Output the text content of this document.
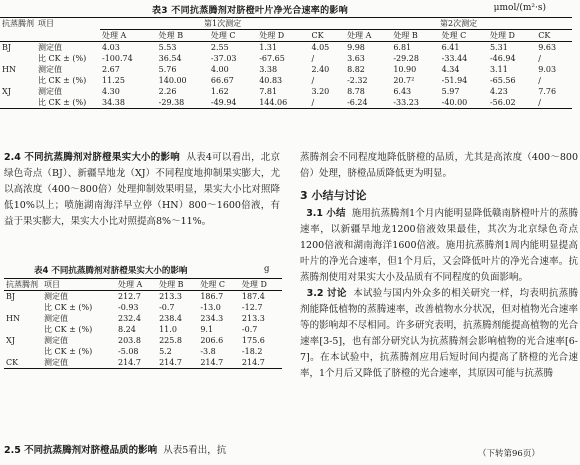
表3 不同抗蒸腾剂对脐橙叶片净光合速率的影响	μmol/(m²·s)
抗蒸腾剂	项目	第1次测定					第2次测定				
		处理 A	处理 B	处理 C	处理 D	CK	处理 A	处理 B	处理 C	处理 D	CK
BJ	测定值	4.03	5.53	2.55	1.31	4.05	9.98	6.81	6.41	5.31	9.63
	比 CK ± (%)	-100.74	36.54	-37.03	-67.65	/	3.63	-29.28	-33.44	-46.94	/
HN	测定值	2.67	5.76	4.00	3.38	2.40	8.82	10.90	4.34	3.11	9.03
	比 CK ± (%)	11.25	140.00	66.67	40.83	/	-2.32	20.7²	-51.94	-65.56	/
XJ	测定值	4.30	2.26	1.62	7.81	3.20	8.78	6.43	5.97	4.23	7.76
	比 CK ± (%)	34.38	-29.38	-49.94	144.06	/	-6.24	-33.23	-40.00	-56.02	/

2.4 不同抗蒸腾剂对脐橙果实大小的影响 从表4可以看出，北京绿色奇点（BJ）、新疆旱地龙（XJ）不同程度地抑制果实膨大，尤以高浓度（400～800倍）处理抑制效果明显，果实大小比对照降低10%以上；喷施湖南海洋早立停（HN）800～1600倍液，有益于果实膨大，果实大小比对照提高8%～11%。

表4 不同抗蒸腾剂对脐橙果实大小的影响	g
抗蒸腾剂	项目	处理 A	处理 B	处理 C	处理 D
BJ	测定值	212.7	213.3	186.7	187.4
	比 CK ± (%)	-0.93	-0.7	-13.0	-12.7
HN	测定值	232.4	238.4	234.3	213.3
	比 CK ± (%)	8.24	11.0	9.1	-0.7
XJ	测定值	203.8	225.8	206.6	175.6
	比 CK ± (%)	-5.08	5.2	-3.8	-18.2
CK	测定值	214.7	214.7	214.7	214.7

2.5 不同抗蒸腾剂对脐橙品质的影响 从表5看出，抗

蒸腾剂会不同程度地降低脐橙的品质，尤其是高浓度（400～800倍）处理，脐橙品质降低更为明显。

3 小结与讨论

3.1 小结 施用抗蒸腾剂1个月内能明显降低赣南脐橙叶片的蒸腾速率，以新疆旱地龙1200倍液效果最佳，其次为北京绿色奇点1200倍液和湖南海洋1600倍液。施用抗蒸腾剂1周内能明显提高叶片的净光合速率，但1个月后，又会降低叶片的净光合速率。抗蒸腾剂使用对果实大小及品质有不同程度的负面影响。

3.2 讨论 本试验与国内外众多的相关研究一样，均表明抗蒸腾剂能降低植物的蒸腾速率，改善植物水分状况，但对植物光合速率等的影响却不尽相同。许多研究表明，抗蒸腾剂能提高植物的光合速率[3-5]，也有部分研究认为抗蒸腾剂会影响植物的光合速率[6-7]。在本试验中，抗蒸腾剂应用后短时间内提高了脐橙的光合速率，1个月后又降低了脐橙的光合速率，其原因可能与抗蒸腾

（下转第96页）
